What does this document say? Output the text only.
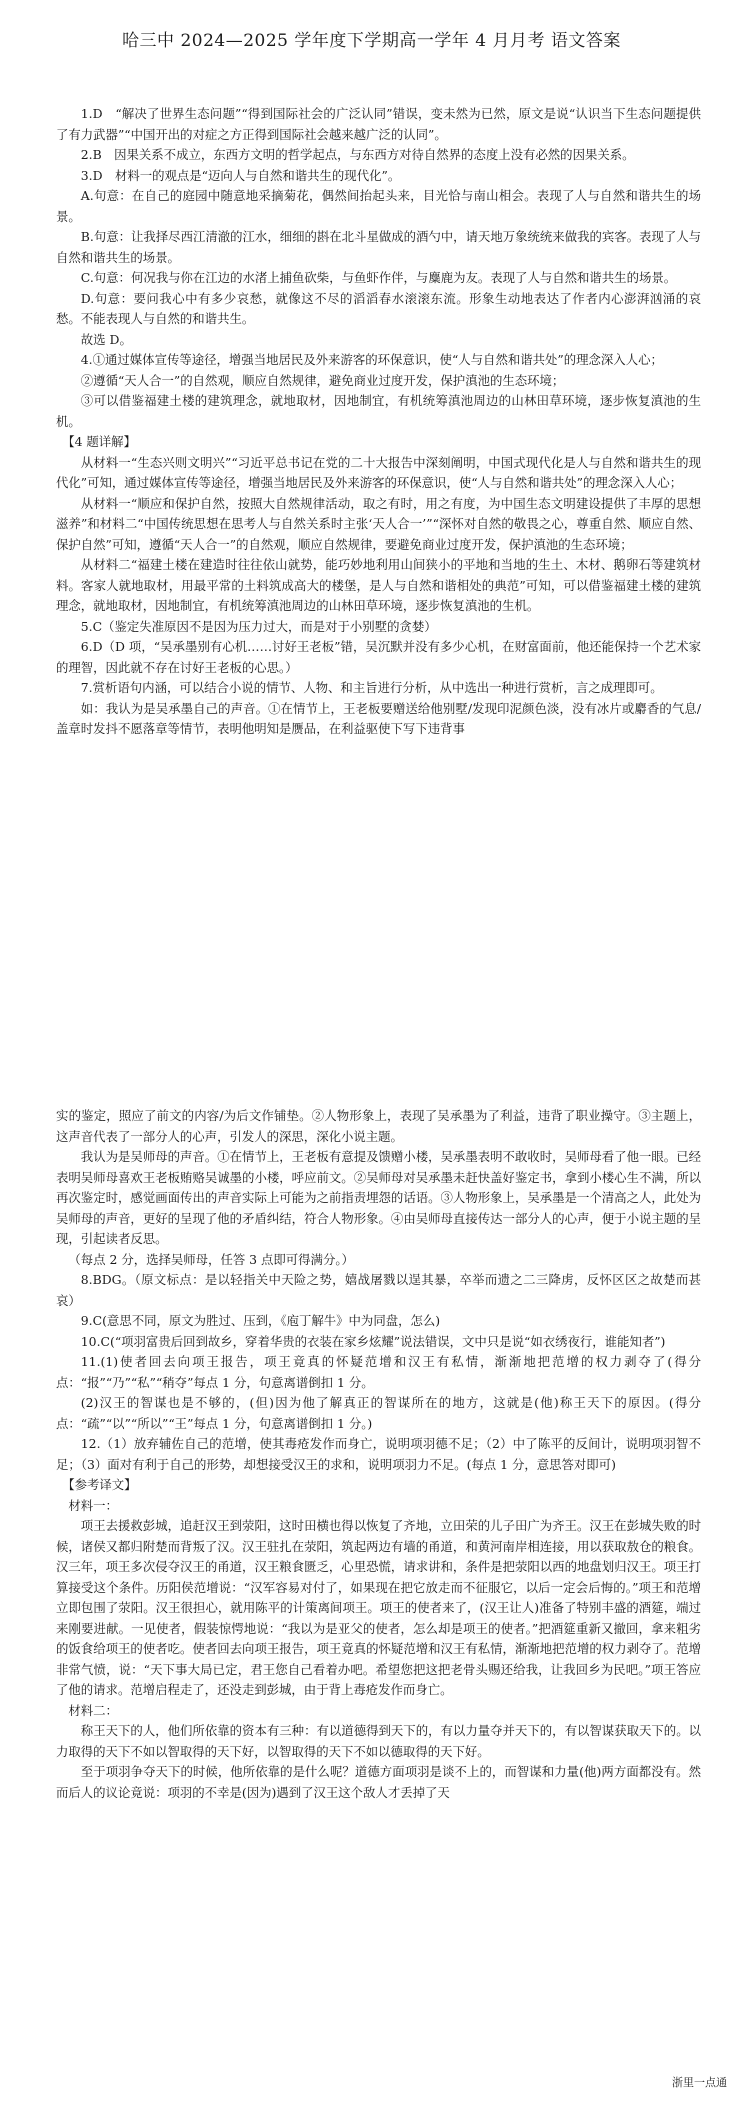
哈三中 2024—2025 学年度下学期高一学年 4 月月考 语文答案

1.D　“解决了世界生态问题”“得到国际社会的广泛认同”错误，变未然为已然，原文是说“认识当下生态问题提供了有力武器”“中国开出的对症之方正得到国际社会越来越广泛的认同”。

2.B　因果关系不成立，东西方文明的哲学起点，与东西方对待自然界的态度上没有必然的因果关系。

3.D　材料一的观点是“迈向人与自然和谐共生的现代化”。

A.句意：在自己的庭园中随意地采摘菊花，偶然间抬起头来，目光恰与南山相会。表现了人与自然和谐共生的场景。

B.句意：让我择尽西江清澈的江水，细细的斟在北斗星做成的酒勺中，请天地万象统统来做我的宾客。表现了人与自然和谐共生的场景。

C.句意：何况我与你在江边的水渚上捕鱼砍柴，与鱼虾作伴，与麋鹿为友。表现了人与自然和谐共生的场景。

D.句意：要问我心中有多少哀愁，就像这不尽的滔滔春水滚滚东流。形象生动地表达了作者内心澎湃汹涌的哀愁。不能表现人与自然的和谐共生。

故选 D。

4.①通过媒体宣传等途径，增强当地居民及外来游客的环保意识，使“人与自然和谐共处”的理念深入人心；

②遵循“天人合一”的自然观，顺应自然规律，避免商业过度开发，保护滇池的生态环境；

③可以借鉴福建土楼的建筑理念，就地取材，因地制宜，有机统筹滇池周边的山林田草环境，逐步恢复滇池的生机。

【4 题详解】

从材料一“生态兴则文明兴”“习近平总书记在党的二十大报告中深刻阐明，中国式现代化是人与自然和谐共生的现代化”可知，通过媒体宣传等途径，增强当地居民及外来游客的环保意识，使“人与自然和谐共处”的理念深入人心；

从材料一“顺应和保护自然，按照大自然规律活动，取之有时，用之有度，为中国生态文明建设提供了丰厚的思想滋养”和材料二“中国传统思想在思考人与自然关系时主张‘天人合一’”“深怀对自然的敬畏之心，尊重自然、顺应自然、保护自然”可知，遵循“天人合一”的自然观，顺应自然规律，要避免商业过度开发，保护滇池的生态环境；

从材料二“福建土楼在建造时往往依山就势，能巧妙地利用山间狭小的平地和当地的生土、木材、鹅卵石等建筑材料。客家人就地取材，用最平常的土料筑成高大的楼堡，是人与自然和谐相处的典范”可知，可以借鉴福建土楼的建筑理念，就地取材，因地制宜，有机统筹滇池周边的山林田草环境，逐步恢复滇池的生机。

5.C（鉴定失准原因不是因为压力过大，而是对于小别墅的贪婪）

6.D（D 项，“吴承墨别有心机……讨好王老板”错，吴沉默并没有多少心机，在财富面前，他还能保持一个艺术家的理智，因此就不存在讨好王老板的心思。）

7.赏析语句内涵，可以结合小说的情节、人物、和主旨进行分析，从中选出一种进行赏析，言之成理即可。

如：我认为是吴承墨自己的声音。①在情节上，王老板要赠送给他别墅/发现印泥颜色淡，没有冰片或麝香的气息/盖章时发抖不愿落章等情节，表明他明知是赝品，在利益驱使下写下违背事

实的鉴定，照应了前文的内容/为后文作铺垫。②人物形象上，表现了吴承墨为了利益，违背了职业操守。③主题上，这声音代表了一部分人的心声，引发人的深思，深化小说主题。

我认为是吴师母的声音。①在情节上，王老板有意提及馈赠小楼，吴承墨表明不敢收时，吴师母看了他一眼。已经表明吴师母喜欢王老板贿赂吴诚墨的小楼，呼应前文。②吴师母对吴承墨未赶快盖好鉴定书，拿到小楼心生不满，所以再次鉴定时，感觉画面传出的声音实际上可能为之前指责埋怨的话语。③人物形象上，吴承墨是一个清高之人，此处为吴师母的声音，更好的呈现了他的矛盾纠结，符合人物形象。④由吴师母直接传达一部分人的心声，便于小说主题的呈现，引起读者反思。

（每点 2 分，选择吴师母，任答 3 点即可得满分。）

8.BDG。（原文标点：是以轻指关中天险之势，嬉战屠戮以逞其暴，卒举而遗之二三降虏，反怀区区之故楚而甚哀）

9.C(意思不同，原文为胜过、压到，《庖丁解牛》中为同盘，怎么)

10.C(“项羽富贵后回到故乡，穿着华贵的衣装在家乡炫耀”说法错误，文中只是说“如衣绣夜行，谁能知者”)

11.(1)使者回去向项王报告，项王竟真的怀疑范增和汉王有私情，渐渐地把范增的权力剥夺了(得分点：“报”“乃”“私”“稍夺”每点 1 分，句意离谱倒扣 1 分。

(2)汉王的智谋也是不够的，(但)因为他了解真正的智谋所在的地方，这就是(他)称王天下的原因。(得分点：“疏”“以”“所以”“王”每点 1 分，句意离谱倒扣 1 分。)

12.（1）放弃辅佐自己的范增，使其毒疮发作而身亡，说明项羽德不足；（2）中了陈平的反间计，说明项羽智不足；（3）面对有利于自己的形势，却想接受汉王的求和，说明项羽力不足。(每点 1 分，意思答对即可)

【参考译文】

材料一：

项王去援救彭城，追赶汉王到荥阳，这时田横也得以恢复了齐地，立田荣的儿子田广为齐王。汉王在彭城失败的时候，诸侯又都归附楚而背叛了汉。汉王驻扎在荥阳，筑起两边有墙的甬道，和黄河南岸相连接，用以获取敖仓的粮食。汉三年，项王多次侵夺汉王的甬道，汉王粮食匮乏，心里恐慌，请求讲和，条件是把荥阳以西的地盘划归汉王。项王打算接受这个条件。历阳侯范增说：“汉军容易对付了，如果现在把它放走而不征服它，以后一定会后悔的。”项王和范增立即包围了荥阳。汉王很担心，就用陈平的计策离间项王。项王的使者来了，(汉王让人)准备了特别丰盛的酒筵，端过来刚要进献。一见使者，假装惊愕地说：“我以为是亚父的使者，怎么却是项王的使者。”把酒筵重新又撤回，拿来粗劣的饭食给项王的使者吃。使者回去向项王报告，项王竟真的怀疑范增和汉王有私情，渐渐地把范增的权力剥夺了。范增非常气愤，说：“天下事大局已定，君王您自己看着办吧。希望您把这把老骨头赐还给我，让我回乡为民吧。”项王答应了他的请求。范增启程走了，还没走到彭城，由于背上毒疮发作而身亡。

材料二：

称王天下的人，他们所依靠的资本有三种：有以道德得到天下的，有以力量夺并天下的，有以智谋获取天下的。以力取得的天下不如以智取得的天下好，以智取得的天下不如以德取得的天下好。

至于项羽争夺天下的时候，他所依靠的是什么呢？道德方面项羽是谈不上的，而智谋和力量(他)两方面都没有。然而后人的议论竟说：项羽的不幸是(因为)遇到了汉王这个敌人才丢掉了天

浙里一点通
